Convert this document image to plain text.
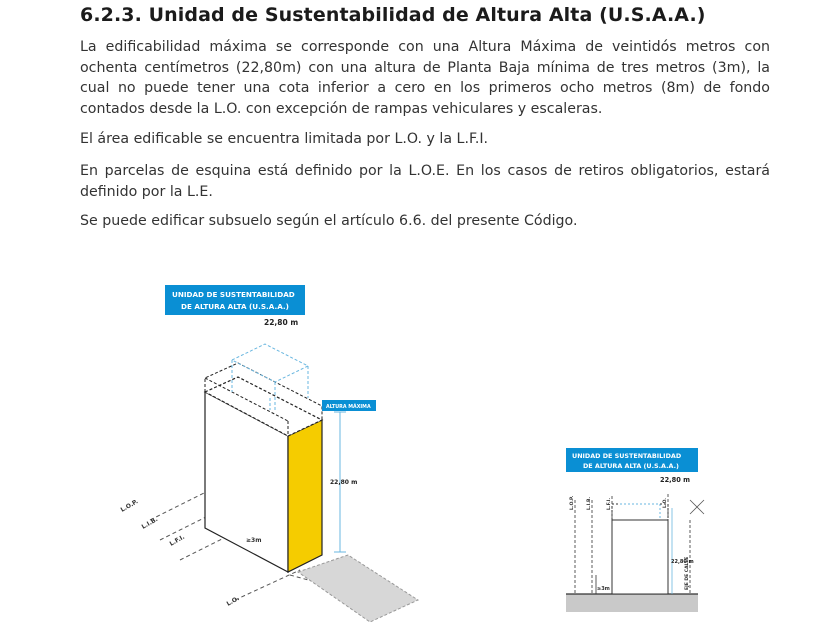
6.2.3. Unidad de Sustentabilidad de Altura Alta (U.S.A.A.)

La edificabilidad máxima se corresponde con una Altura Máxima de veintidós metros con ochenta centímetros (22,80m) con una altura de Planta Baja mínima de tres metros (3m), la cual no puede tener una cota inferior a cero en los primeros ocho metros (8m) de fondo contados desde la L.O. con excepción de rampas vehiculares y escaleras.

El área edificable se encuentra limitada por L.O. y la L.F.I.

En parcelas de esquina está definido por la L.O.E. En los casos de retiros obligatorios, estará definido por la L.E.

Se puede edificar subsuelo según el artículo 6.6. del presente Código.

22,80 m
≥3m
L.O.P.
L.I.B.
L.F.I.
L.O.
UNIDAD DE SUSTENTABILIDAD
DE ALTURA ALTA (U.S.A.A.)
22,80 m
ALTURA MÁXIMA
≥3m
22,80 m
L.O.P.	L.I.B.	L.F.I.	L.O.
EJE DE CALLE
UNIDAD DE SUSTENTABILIDAD
DE ALTURA ALTA (U.S.A.A.)
22,80 m
